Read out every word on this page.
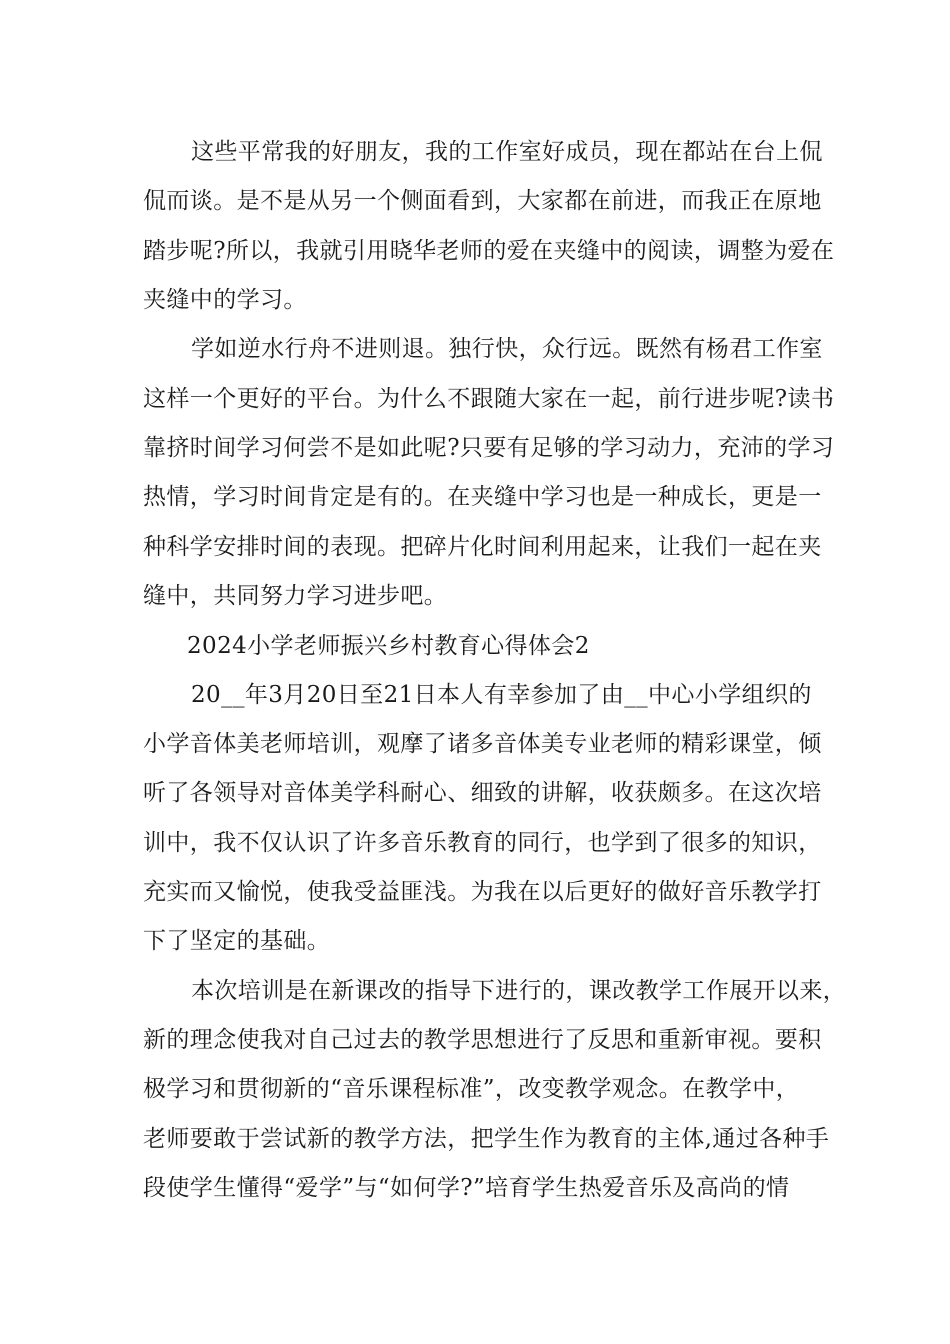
这些平常我的好朋友，我的工作室好成员，现在都站在台上侃
侃而谈。是不是从另一个侧面看到，大家都在前进，而我正在原地
踏步呢?所以，我就引用晓华老师的爱在夹缝中的阅读，调整为爱在
夹缝中的学习。
学如逆水行舟不进则退。独行快，众行远。既然有杨君工作室
这样一个更好的平台。为什么不跟随大家在一起，前行进步呢?读书
靠挤时间学习何尝不是如此呢?只要有足够的学习动力，充沛的学习
热情，学习时间肯定是有的。在夹缝中学习也是一种成长，更是一
种科学安排时间的表现。把碎片化时间利用起来，让我们一起在夹
缝中，共同努力学习进步吧。
2024小学老师振兴乡村教育心得体会2
20__年3月20日至21日本人有幸参加了由__中心小学组织的
小学音体美老师培训，观摩了诸多音体美专业老师的精彩课堂，倾
听了各领导对音体美学科耐心、细致的讲解，收获颇多。在这次培
训中，我不仅认识了许多音乐教育的同行，也学到了很多的知识，
充实而又愉悦，使我受益匪浅。为我在以后更好的做好音乐教学打
下了坚定的基础。
本次培训是在新课改的指导下进行的，课改教学工作展开以来，
新的理念使我对自己过去的教学思想进行了反思和重新审视。要积
极学习和贯彻新的“音乐课程标准”，改变教学观念。在教学中，
老师要敢于尝试新的教学方法，把学生作为教育的主体,通过各种手
段使学生懂得“爱学”与“如何学?”培育学生热爱音乐及高尚的情
